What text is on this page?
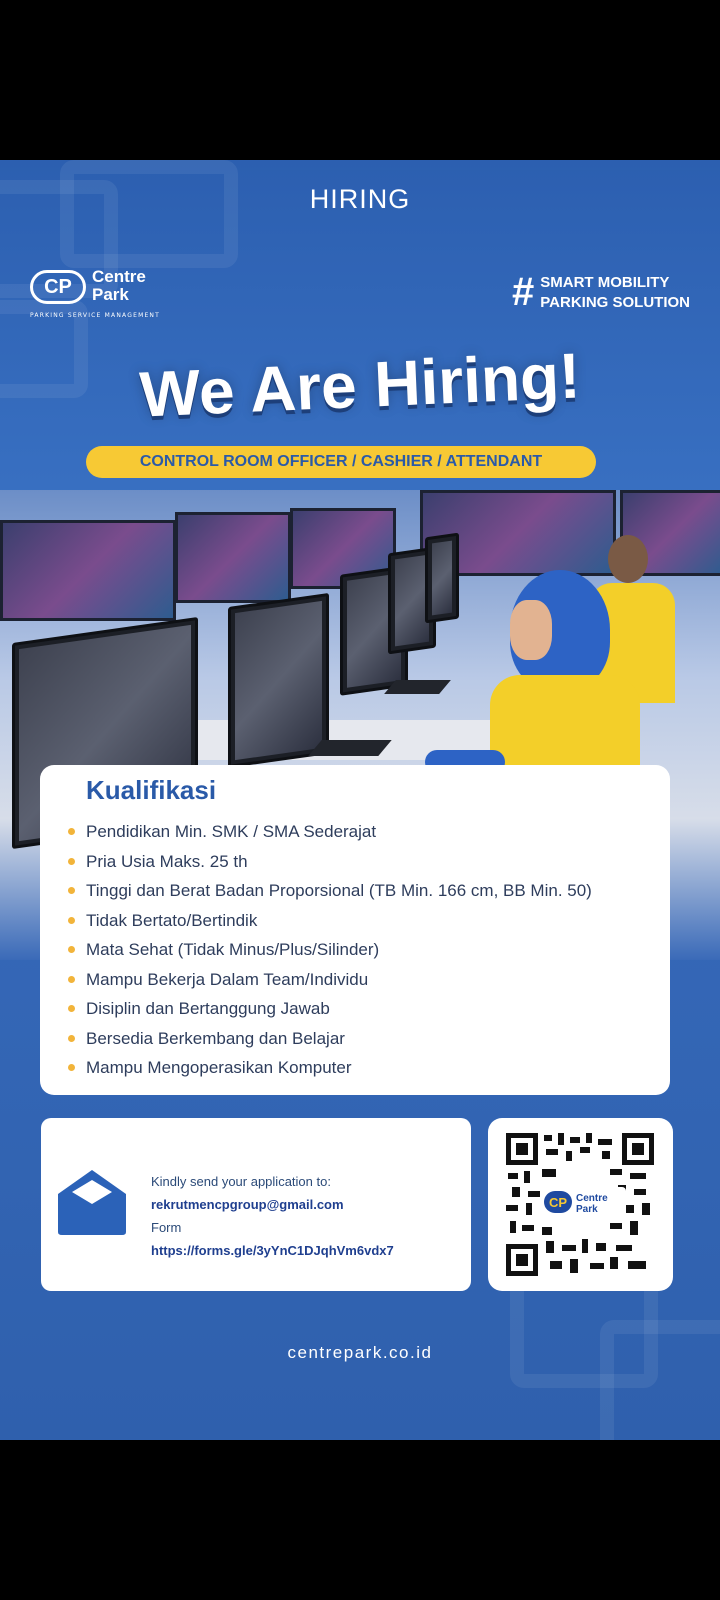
HIRING
CP	Centre
Park
PARKING SERVICE MANAGEMENT
# SMART MOBILITY
PARKING SOLUTION
We Are Hiring!
CONTROL ROOM OFFICER / CASHIER / ATTENDANT
Kualifikasi
Pendidikan Min. SMK / SMA Sederajat
Pria Usia Maks. 25 th
Tinggi dan Berat Badan Proporsional (TB Min. 166 cm, BB Min. 50)
Tidak Bertato/Bertindik
Mata Sehat (Tidak Minus/Plus/Silinder)
Mampu Bekerja Dalam Team/Individu
Disiplin dan Bertanggung Jawab
Bersedia Berkembang dan Belajar
Mampu Mengoperasikan Komputer
Kindly send your application to:
rekrutmencpgroup@gmail.com
Form
https://forms.gle/3yYnC1DJqhVm6vdx7
CP Centre
Park
centrepark.co.id
